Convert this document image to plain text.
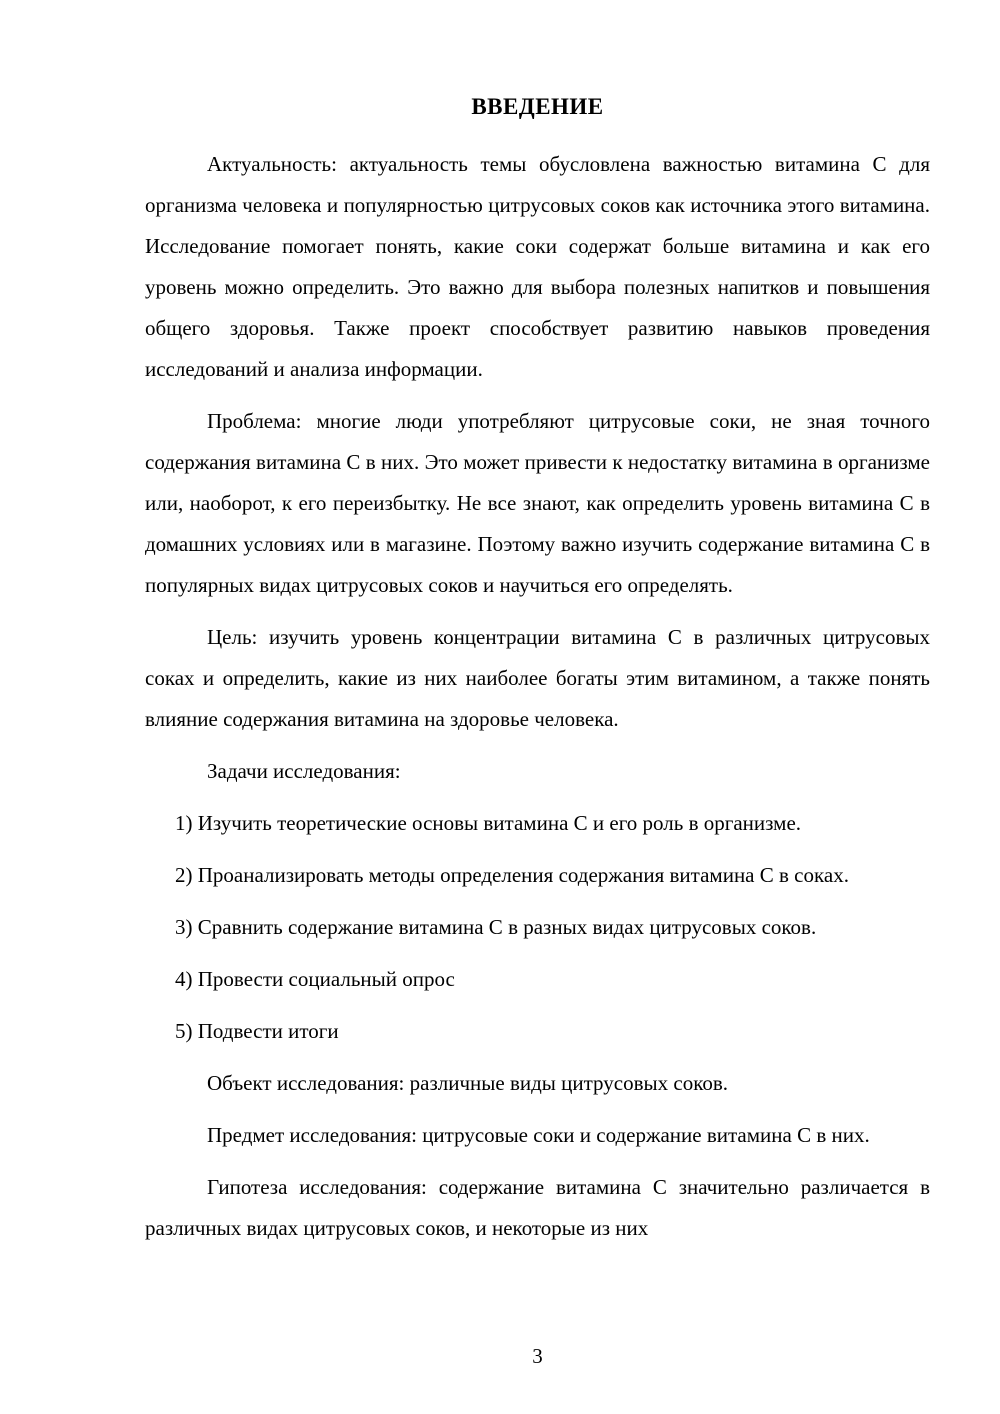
ВВЕДЕНИЕ

Актуальность: актуальность темы обусловлена важностью витамина С для организма человека и популярностью цитрусовых соков как источника этого витамина. Исследование помогает понять, какие соки содержат больше витамина и как его уровень можно определить. Это важно для выбора полезных напитков и повышения общего здоровья. Также проект способствует развитию навыков проведения исследований и анализа информации.

Проблема: многие люди употребляют цитрусовые соки, не зная точного содержания витамина С в них. Это может привести к недостатку витамина в организме или, наоборот, к его переизбытку. Не все знают, как определить уровень витамина С в домашних условиях или в магазине. Поэтому важно изучить содержание витамина С в популярных видах цитрусовых соков и научиться его определять.

Цель: изучить уровень концентрации витамина С в различных цитрусовых соках и определить, какие из них наиболее богаты этим витамином, а также понять влияние содержания витамина на здоровье человека.

Задачи исследования:

1) Изучить теоретические основы витамина С и его роль в организме.

2) Проанализировать методы определения содержания витамина С в соках.

3) Сравнить содержание витамина С в разных видах цитрусовых соков.

4) Провести социальный опрос

5) Подвести итоги

Объект исследования: различные виды цитрусовых соков.

Предмет исследования: цитрусовые соки и содержание витамина С в них.

Гипотеза исследования: содержание витамина С значительно различается в различных видах цитрусовых соков, и некоторые из них

3
